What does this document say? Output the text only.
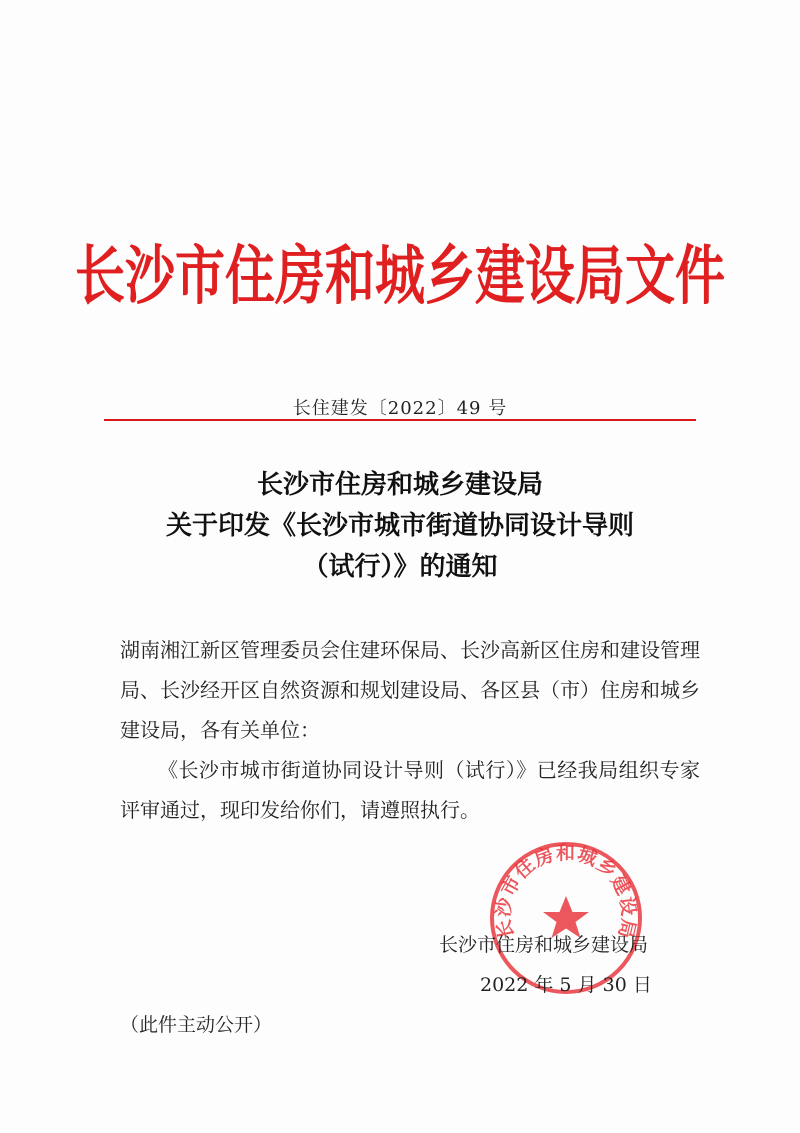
长沙市住房和城乡建设局文件
长住建发〔2022〕49 号
长沙市住房和城乡建设局
关于印发《长沙市城市街道协同设计导则
（试行）》的通知

湖南湘江新区管理委员会住建环保局、长沙高新区住房和建设管理局、长沙经开区自然资源和规划建设局、各区县（市）住房和城乡建设局，各有关单位：

《长沙市城市街道协同设计导则（试行）》已经我局组织专家评审通过，现印发给你们，请遵照执行。

长沙市住房和城乡建设局
长沙市住房和城乡建设局
2022 年 5 月 30 日
（此件主动公开）
